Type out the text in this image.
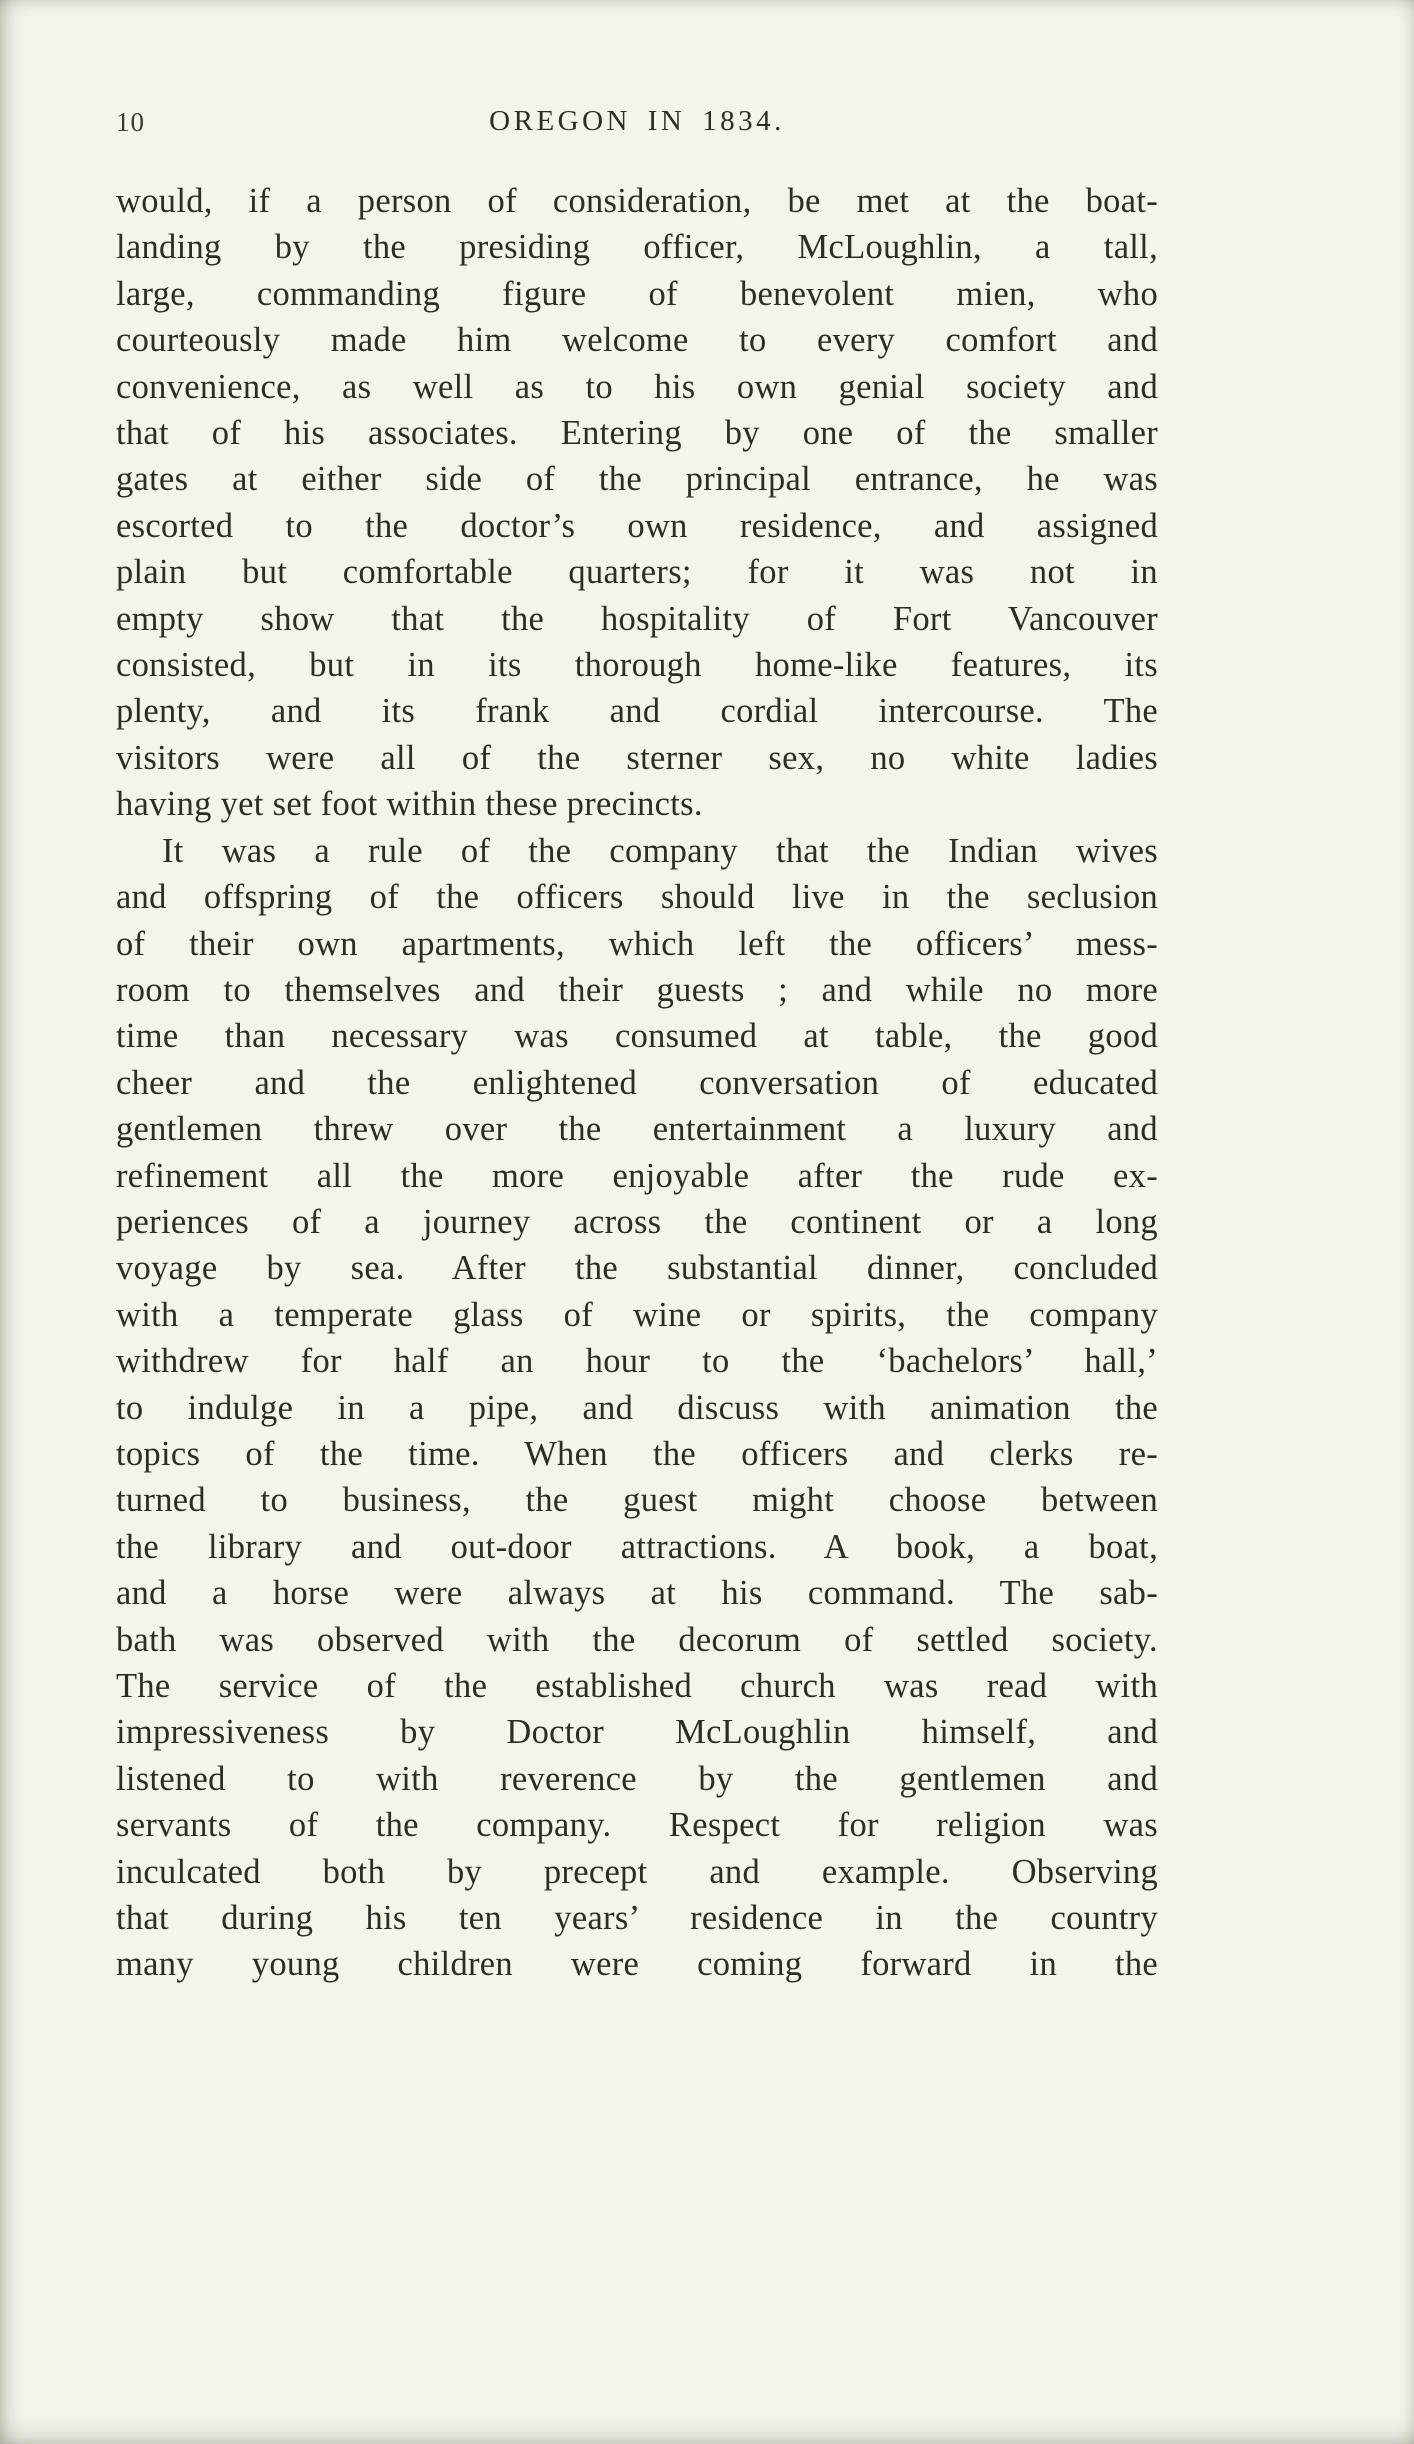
10	OREGON IN 1834.
would, if a person of consideration, be met at the boat-
landing by the presiding officer, McLoughlin, a tall,
large, commanding figure of benevolent mien, who
courteously made him welcome to every comfort and
convenience, as well as to his own genial society and
that of his associates. Entering by one of the smaller
gates at either side of the principal entrance, he was
escorted to the doctor’s own residence, and assigned
plain but comfortable quarters; for it was not in
empty show that the hospitality of Fort Vancouver
consisted, but in its thorough home-like features, its
plenty, and its frank and cordial intercourse. The
visitors were all of the sterner sex, no white ladies
having yet set foot within these precincts.
It was a rule of the company that the Indian wives
and offspring of the officers should live in the seclusion
of their own apartments, which left the officers’ mess-
room to themselves and their guests ; and while no more
time than necessary was consumed at table, the good
cheer and the enlightened conversation of educated
gentlemen threw over the entertainment a luxury and
refinement all the more enjoyable after the rude ex-
periences of a journey across the continent or a long
voyage by sea. After the substantial dinner, concluded
with a temperate glass of wine or spirits, the company
withdrew for half an hour to the ‘bachelors’ hall,’
to indulge in a pipe, and discuss with animation the
topics of the time. When the officers and clerks re-
turned to business, the guest might choose between
the library and out-door attractions. A book, a boat,
and a horse were always at his command. The sab-
bath was observed with the decorum of settled society.
The service of the established church was read with
impressiveness by Doctor McLoughlin himself, and
listened to with reverence by the gentlemen and
servants of the company. Respect for religion was
inculcated both by precept and example. Observing
that during his ten years’ residence in the country
many young children were coming forward in the
